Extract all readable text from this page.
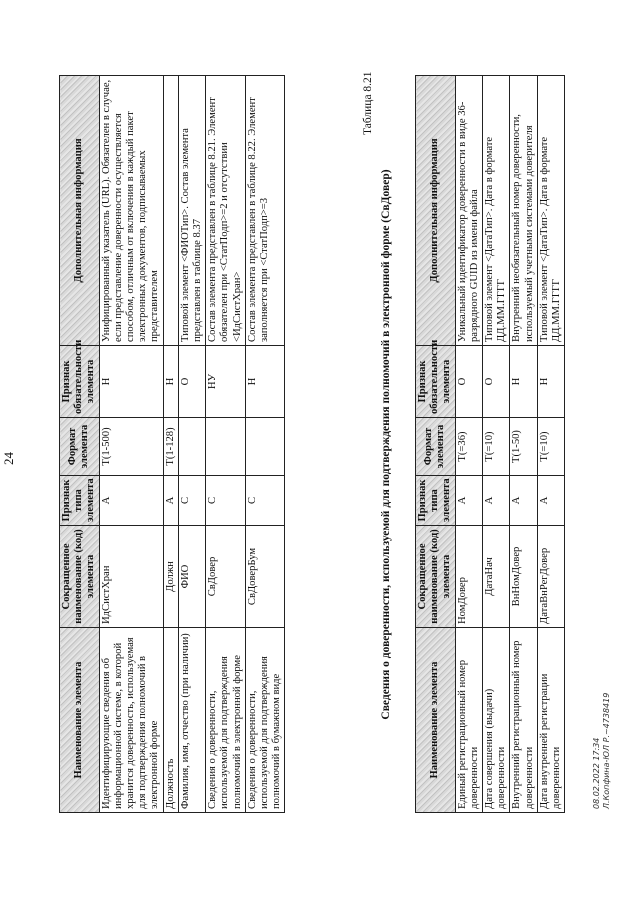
24
Наименование элемента	Сокращенное наименование (код) элемента	Признак типа элемента	Формат элемента	Признак обязательности элемента	Дополнительная информация
Идентифицирующие сведения об информационной системе, в которой хранится доверенность, используемая для подтверждения полномочий в электронной форме	ИдСистХран	А	T(1-500)	Н	Унифицированный указатель (URL). Обязателен в случае, если представление доверенности осуществляется способом, отличным от включения в каждый пакет электронных документов, подписываемых представителем
Должность	Должн	А	T(1-128)	Н	
Фамилия, имя, отчество (при наличии)	ФИО	С		О	Типовой элемент <ФИОТип>. Состав элемента представлен в таблице 8.37
Сведения о доверенности, используемой для подтверждения полномочий в электронной форме	СвДовер	С		НУ	Состав элемента представлен в таблице 8.21. Элемент обязателен при <СтатПодп>=2 и отсутствии <ИдСистХран>
Сведения о доверенности, используемой для подтверждения полномочий в бумажном виде	СвДоверБум	С		Н	Состав элемента представлен в таблице 8.22. Элемент заполняется при <СтатПодп>=3
Таблица 8.21
Сведения о доверенности, используемой для подтверждения полномочий в электронной форме (СвДовер)
Наименование элемента	Сокращенное наименование (код) элемента	Признак типа элемента	Формат элемента	Признак обязательности элемента	Дополнительная информация
Единый регистрационный номер доверенности	НомДовер	А	T(=36)	О	Уникальный идентификатор доверенности в виде 36-разрядного GUID из имени файла
Дата совершения (выдачи) доверенности	ДатаНач	А	T(=10)	О	Типовой элемент <ДатаТип>. Дата в формате ДД.ММ.ГГГГ
Внутренний регистрационный номер доверенности	ВнНомДовер	А	T(1-50)	Н	Внутренний необязательный номер доверенности, используемый учетными системами доверителя
Дата внутренней регистрации доверенности	ДатаВнРегДовер	А	T(=10)	Н	Типовой элемент <ДатаТип>. Дата в формате ДД.ММ.ГГГГ
08.02.2022 17:34 Л.Копфина-ЮЛ Р.~4738419
